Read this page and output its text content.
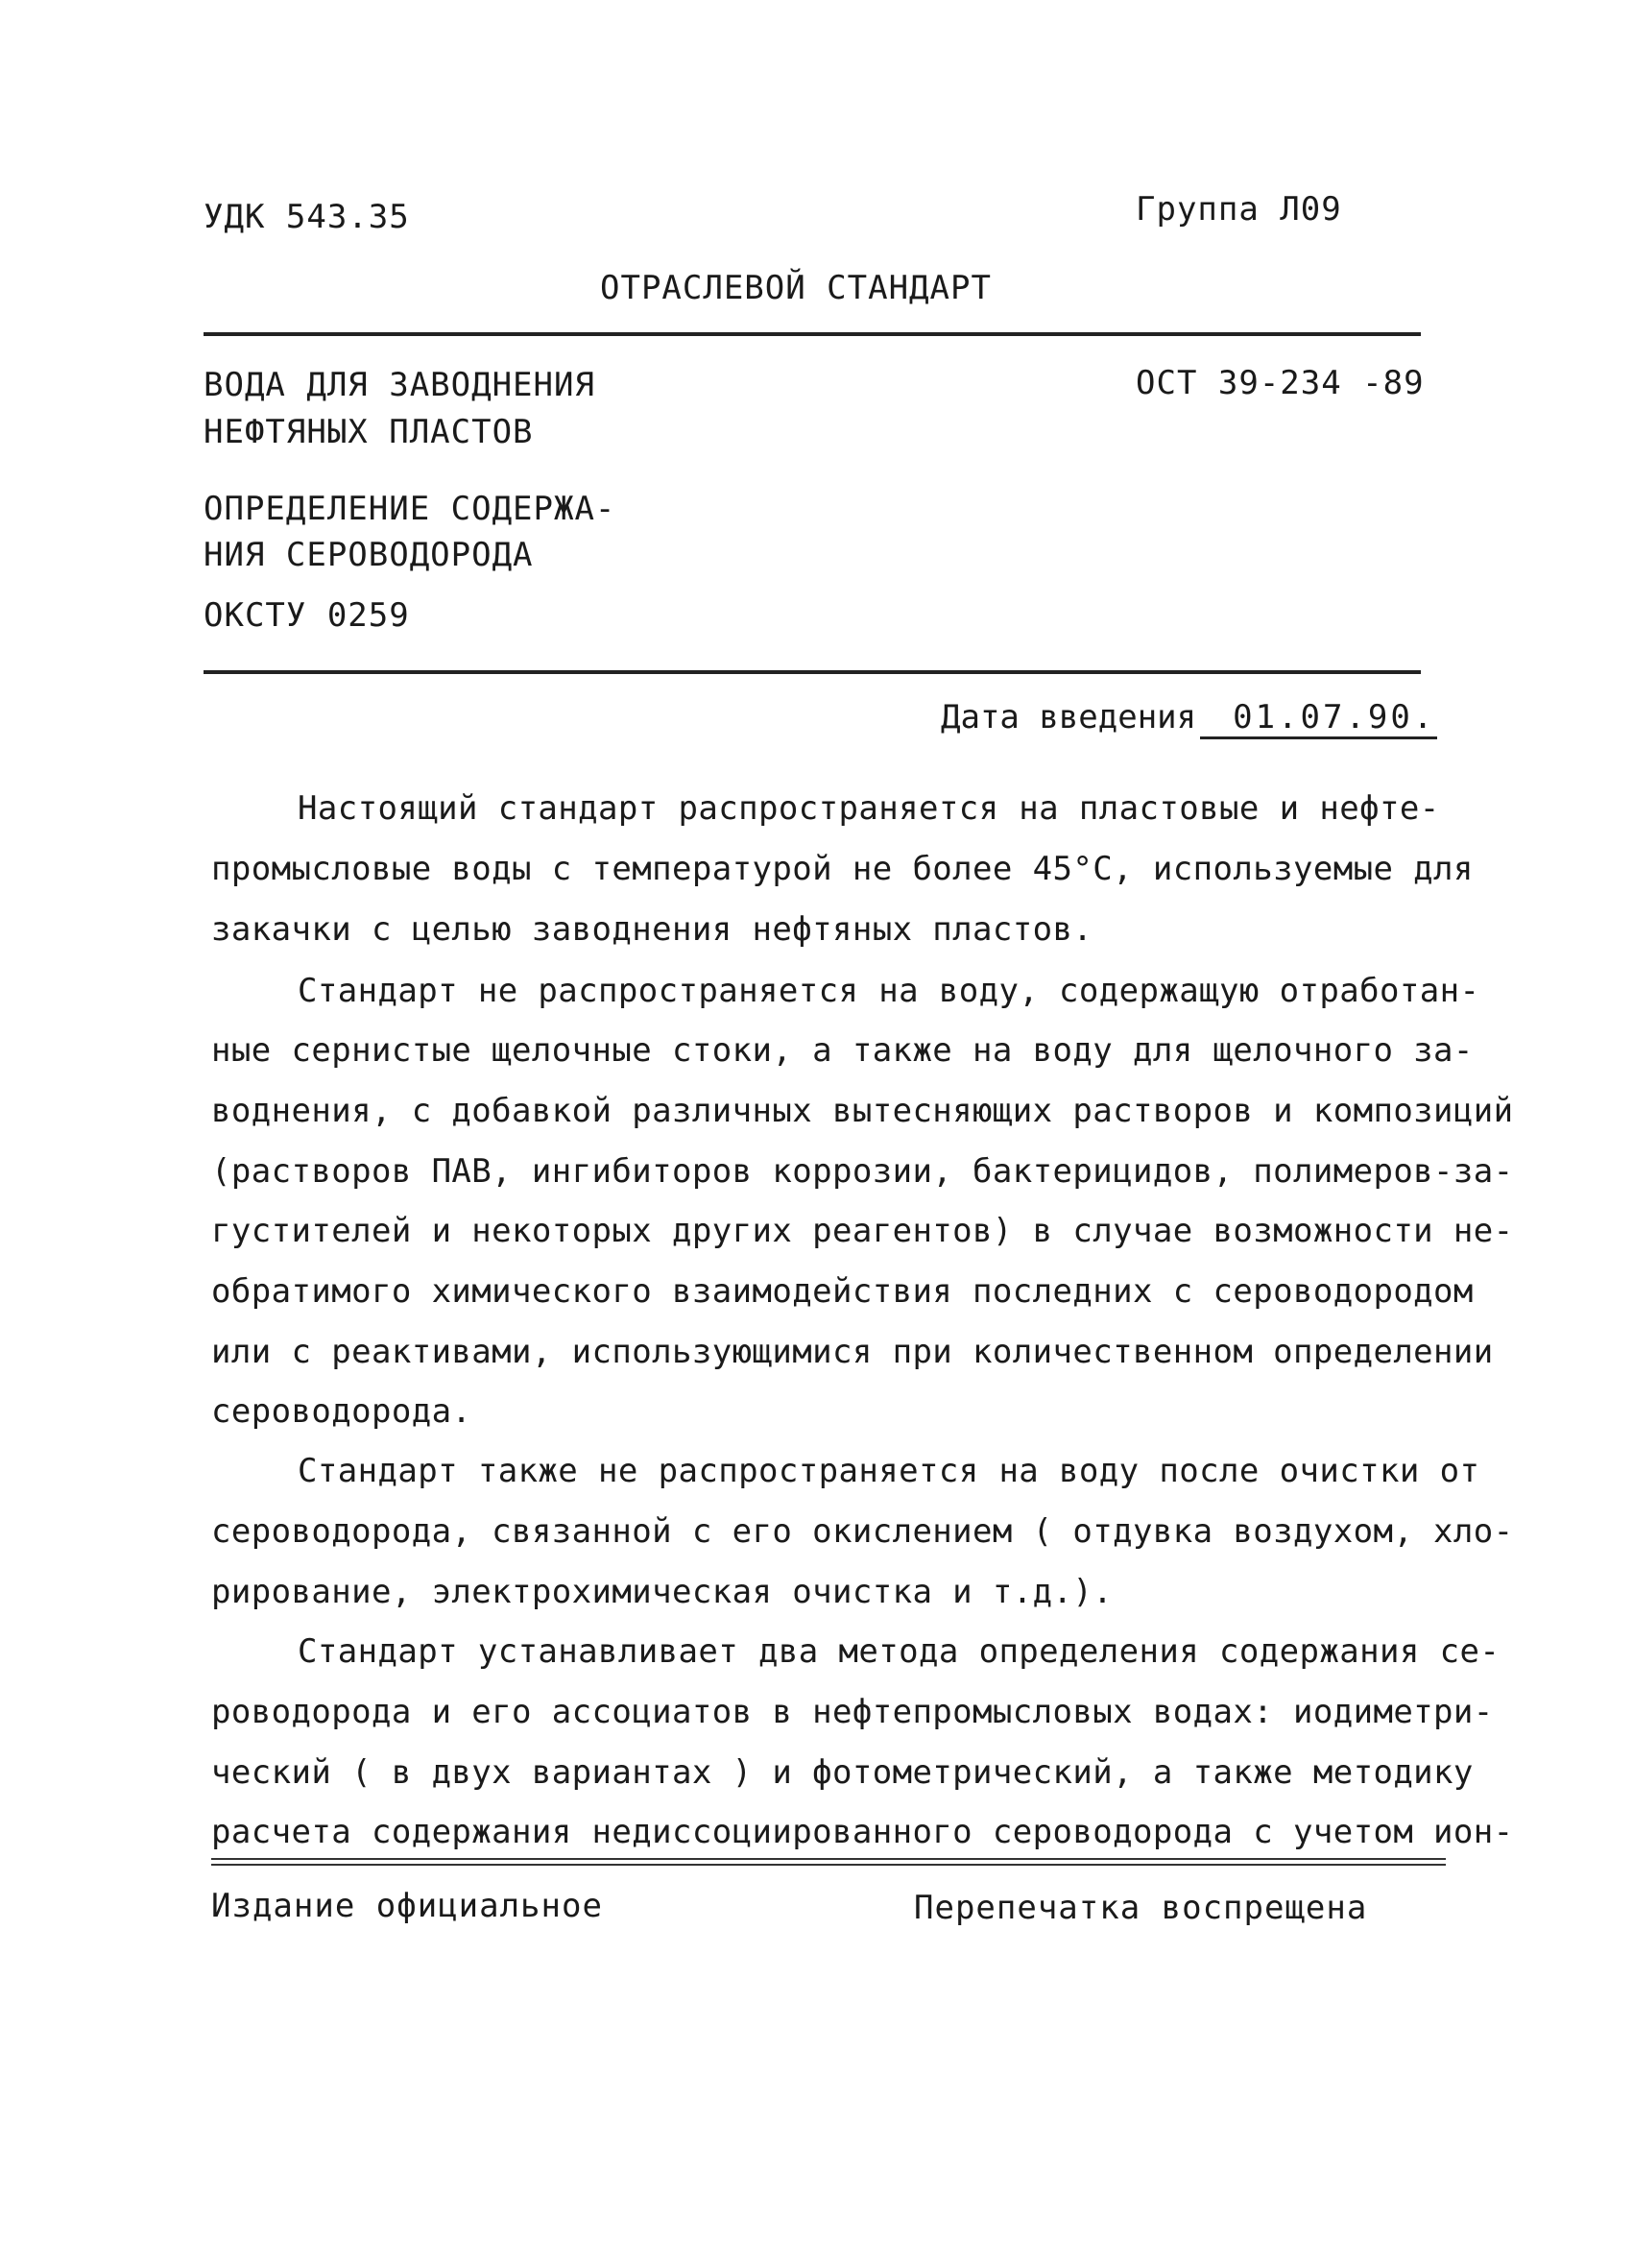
УДК 543.35	Группа Л09
ОТРАСЛЕВОЙ СТАНДАРТ
ВОДА ДЛЯ ЗАВОДНЕНИЯ
НЕФТЯНЫХ ПЛАСТОВ
ОСТ 39-234 -89
ОПРЕДЕЛЕНИЕ СОДЕРЖА-
НИЯ СЕРОВОДОРОДА
ОКСТУ 0259
Дата введения 01.07.90.
Настоящий стандарт распространяется на пластовые и нефте-
промысловые воды с температурой не более 45°С, используемые для
закачки с целью заводнения нефтяных пластов.
Стандарт не распространяется на воду, содержащую отработан-
ные сернистые щелочные стоки, а также на воду для щелочного за-
воднения, с добавкой различных вытесняющих растворов и композиций
(растворов ПАВ, ингибиторов коррозии, бактерицидов, полимеров-за-
густителей и некоторых других реагентов) в случае возможности не-
обратимого химического взаимодействия последних с сероводородом
или с реактивами, использующимися при количественном определении
сероводорода.
Стандарт также не распространяется на воду после очистки от
сероводорода, связанной с его окислением ( отдувка воздухом, хло-
рирование, электрохимическая очистка и т.д.).
Стандарт устанавливает два метода определения содержания се-
роводорода и его ассоциатов в нефтепромысловых водах: иодиметри-
ческий ( в двух вариантах ) и фотометрический, а также методику
расчета содержания недиссоциированного сероводорода с учетом ион-
Издание официальное	Перепечатка воспрещена
